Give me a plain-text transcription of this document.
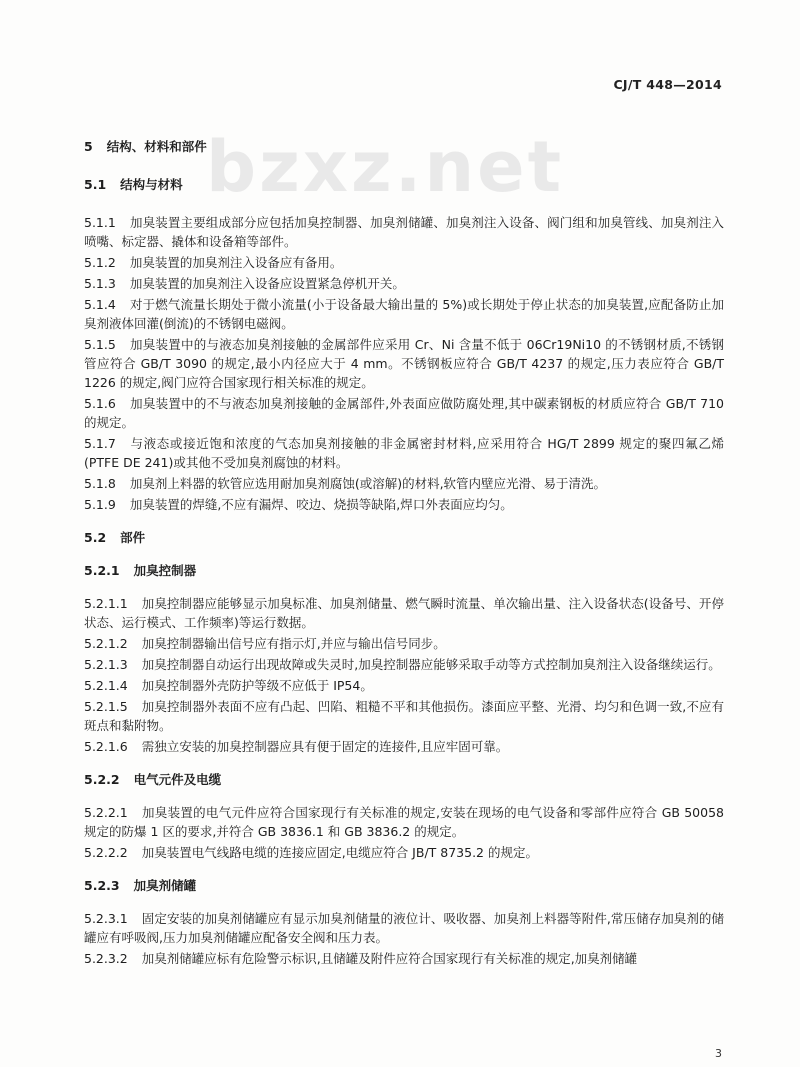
CJ/T 448—2014
bzxz.net

5 结构、材料和部件

5.1 结构与材料

5.1.1 加臭装置主要组成部分应包括加臭控制器、加臭剂储罐、加臭剂注入设备、阀门组和加臭管线、加臭剂注入喷嘴、标定器、撬体和设备箱等部件。

5.1.2 加臭装置的加臭剂注入设备应有备用。

5.1.3 加臭装置的加臭剂注入设备应设置紧急停机开关。

5.1.4 对于燃气流量长期处于微小流量(小于设备最大输出量的 5%)或长期处于停止状态的加臭装置,应配备防止加臭剂液体回灌(倒流)的不锈钢电磁阀。

5.1.5 加臭装置中的与液态加臭剂接触的金属部件应采用 Cr、Ni 含量不低于 06Cr19Ni10 的不锈钢材质,不锈钢管应符合 GB/T 3090 的规定,最小内径应大于 4 mm。不锈钢板应符合 GB/T 4237 的规定,压力表应符合 GB/T 1226 的规定,阀门应符合国家现行相关标准的规定。

5.1.6 加臭装置中的不与液态加臭剂接触的金属部件,外表面应做防腐处理,其中碳素钢板的材质应符合 GB/T 710 的规定。

5.1.7 与液态或接近饱和浓度的气态加臭剂接触的非金属密封材料,应采用符合 HG/T 2899 规定的聚四氟乙烯(PTFE DE 241)或其他不受加臭剂腐蚀的材料。

5.1.8 加臭剂上料器的软管应选用耐加臭剂腐蚀(或溶解)的材料,软管内壁应光滑、易于清洗。

5.1.9 加臭装置的焊缝,不应有漏焊、咬边、烧损等缺陷,焊口外表面应均匀。

5.2 部件

5.2.1 加臭控制器

5.2.1.1 加臭控制器应能够显示加臭标准、加臭剂储量、燃气瞬时流量、单次输出量、注入设备状态(设备号、开停状态、运行模式、工作频率)等运行数据。

5.2.1.2 加臭控制器输出信号应有指示灯,并应与输出信号同步。

5.2.1.3 加臭控制器自动运行出现故障或失灵时,加臭控制器应能够采取手动等方式控制加臭剂注入设备继续运行。

5.2.1.4 加臭控制器外壳防护等级不应低于 IP54。

5.2.1.5 加臭控制器外表面不应有凸起、凹陷、粗糙不平和其他损伤。漆面应平整、光滑、均匀和色调一致,不应有斑点和黏附物。

5.2.1.6 需独立安装的加臭控制器应具有便于固定的连接件,且应牢固可靠。

5.2.2 电气元件及电缆

5.2.2.1 加臭装置的电气元件应符合国家现行有关标准的规定,安装在现场的电气设备和零部件应符合 GB 50058 规定的防爆 1 区的要求,并符合 GB 3836.1 和 GB 3836.2 的规定。

5.2.2.2 加臭装置电气线路电缆的连接应固定,电缆应符合 JB/T 8735.2 的规定。

5.2.3 加臭剂储罐

5.2.3.1 固定安装的加臭剂储罐应有显示加臭剂储量的液位计、吸收器、加臭剂上料器等附件,常压储存加臭剂的储罐应有呼吸阀,压力加臭剂储罐应配备安全阀和压力表。

5.2.3.2 加臭剂储罐应标有危险警示标识,且储罐及附件应符合国家现行有关标准的规定,加臭剂储罐

3
